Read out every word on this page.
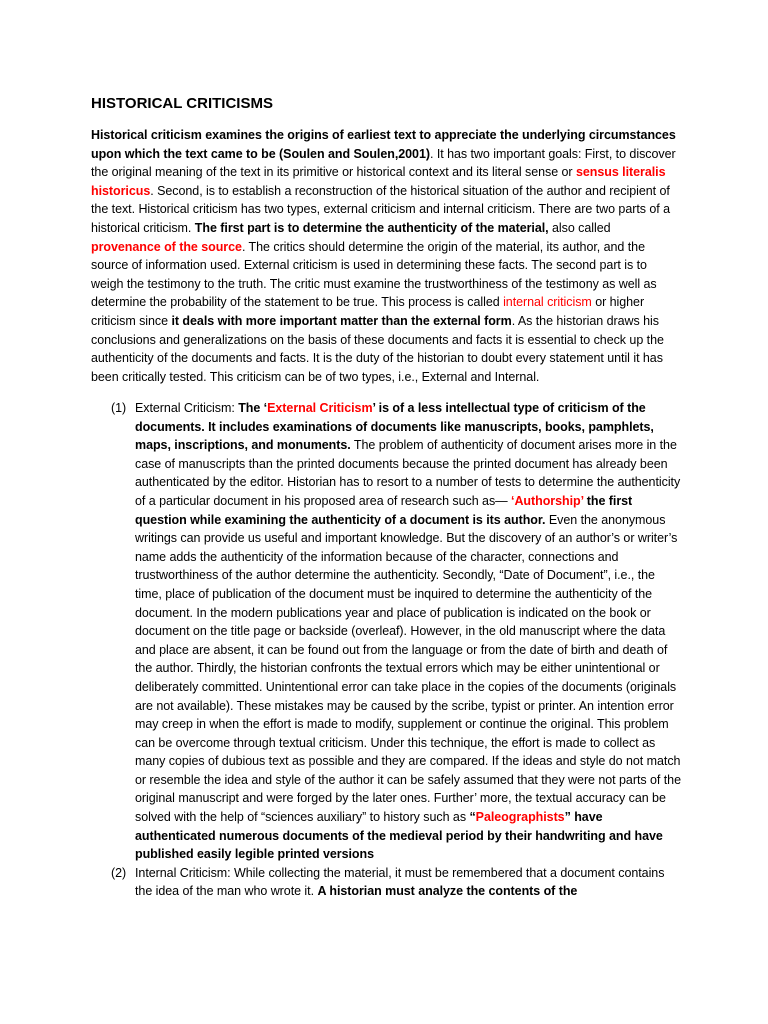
HISTORICAL CRITICISMS

Historical criticism examines the origins of earliest text to appreciate the underlying circumstances upon which the text came to be (Soulen and Soulen,2001). It has two important goals: First, to discover the original meaning of the text in its primitive or historical context and its literal sense or sensus literalis historicus. Second, is to establish a reconstruction of the historical situation of the author and recipient of the text. Historical criticism has two types, external criticism and internal criticism. There are two parts of a historical criticism. The first part is to determine the authenticity of the material, also called provenance of the source. The critics should determine the origin of the material, its author, and the source of information used. External criticism is used in determining these facts. The second part is to weigh the testimony to the truth. The critic must examine the trustworthiness of the testimony as well as determine the probability of the statement to be true. This process is called internal criticism or higher criticism since it deals with more important matter than the external form. As the historian draws his conclusions and generalizations on the basis of these documents and facts it is essential to check up the authenticity of the documents and facts. It is the duty of the historian to doubt every statement until it has been critically tested. This criticism can be of two types, i.e., External and Internal.

(1) External Criticism: The ‘External Criticism’ is of a less intellectual type of criticism of the documents. It includes examinations of documents like manuscripts, books, pamphlets, maps, inscriptions, and monuments. The problem of authenticity of document arises more in the case of manuscripts than the printed documents because the printed document has already been authenticated by the editor. Historian has to resort to a number of tests to determine the authenticity of a particular document in his proposed area of research such as— ‘Authorship’ the first question while examining the authenticity of a document is its author. Even the anonymous writings can provide us useful and important knowledge. But the discovery of an author’s or writer’s name adds the authenticity of the information because of the character, connections and trustworthiness of the author determine the authenticity. Secondly, “Date of Document”, i.e., the time, place of publication of the document must be inquired to determine the authenticity of the document. In the modern publications year and place of publication is indicated on the book or document on the title page or backside (overleaf). However, in the old manuscript where the data and place are absent, it can be found out from the language or from the date of birth and death of the author. Thirdly, the historian confronts the textual errors which may be either unintentional or deliberately committed. Unintentional error can take place in the copies of the documents (originals are not available). These mistakes may be caused by the scribe, typist or printer. An intention error may creep in when the effort is made to modify, supplement or continue the original. This problem can be overcome through textual criticism. Under this technique, the effort is made to collect as many copies of dubious text as possible and they are compared. If the ideas and style do not match or resemble the idea and style of the author it can be safely assumed that they were not parts of the original manuscript and were forged by the later ones. Further’ more, the textual accuracy can be solved with the help of “sciences auxiliary” to history such as “Paleographists” have authenticated numerous documents of the medieval period by their handwriting and have published easily legible printed versions
(2) Internal Criticism: While collecting the material, it must be remembered that a document contains the idea of the man who wrote it. A historian must analyze the contents of the
